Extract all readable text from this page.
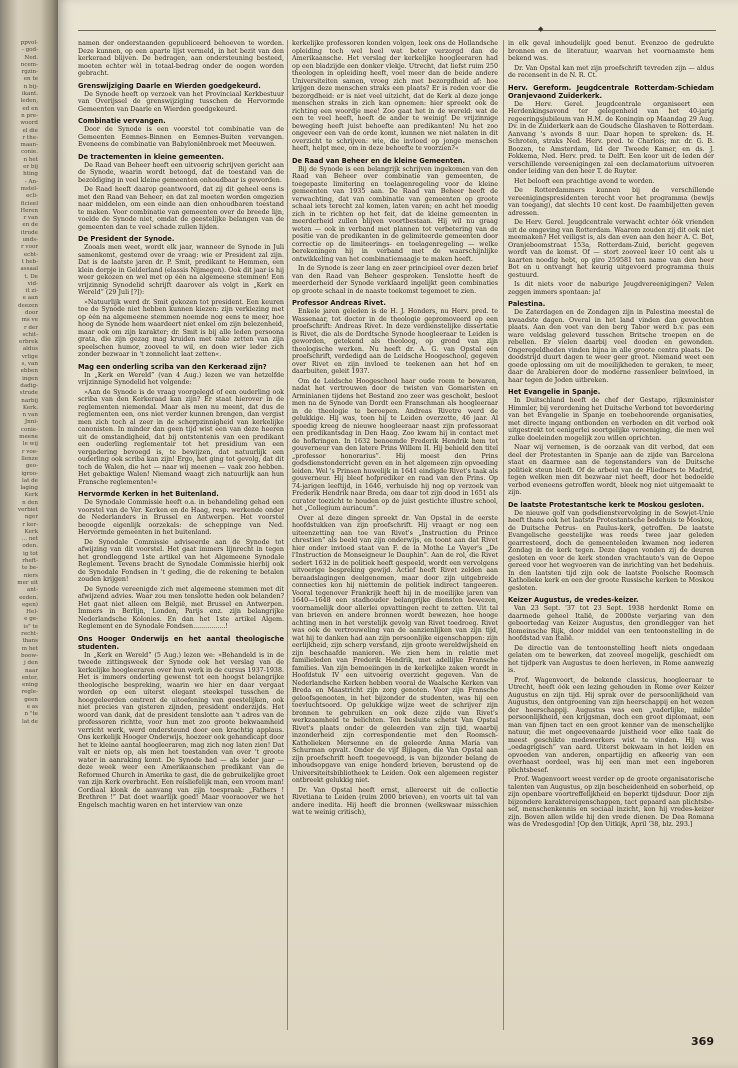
ppvol-
- god-
Ned.
ncem-
rgzin-
en te
n bij-
ikant.
leden,
ed en
n pre-
woord
el die
r the-
maan-
conie.
n het
er bij
hting
- An-
mstel-
ecli-
ficieel
Heren
r van
en de
itrude
unds-
r voor
echt-
t heb-
assaal
t. De
vid-
it zi-
e aan
deezen
door
ms ve
r der
schit-
erbrek
aldus
vrlige
s, van
ebben
ingen
dadig-
strude
narbij
Kerk.
n van
Jnni-
conie-
meene
le wij
r voe-
llenze
geo-
igroo-
lat de
laging
Kerk
n den
verbiet
nger
r ker-
Kerk
... net
oden.
ig tot
rheft-
te be-
niers
mer uit
ant-
eeden.
egen)
Hel-
e ge-
is" te
recht-
thans
m het
boow-
j den
naar
enter,
ening
regle-
geen
e as
n "te
lat de
◆

namen der onderstaanden gepubliceerd behoeven te worden. Deze kunnen, op een aparte lijst vermeld, in het bezit van den kerkeraad blijven. De bedragen, aan ondersteuning besteed, moeten echter wèl in totaal-bedrag onder de oogen worden gebracht.

Grenswijziging Daarle en Wierden goedgekeurd.

De Synode heeft op verzoek van het Provinciaal Kerkbestuur van Overijssel de grenswijziging tusschen de Hervormde Gemeenten van Daarle en Wierden goedgekeurd.

Combinatie vervangen.

Door de Synode is een voorstel tot combinatie van de Gemeenten Eemnes-Binnen en Eemnes-Buiten vervangen. Eveneens de combinatie van Babyloniënbroek met Meeuwen.

De tractementen in kleine gemeenten.

De Raad van Beheer heeft een uitvoerig schrijven gericht aan de Synode, waarin wordt betoogd, dat de toestand van de bezoldiging in veel kleine gemeenten onhoudbaar is geworden.

De Raad heeft daarop geantwoord, dat zij dit geheel eens is met den Raad van Beheer, en dat zal moeten worden omgezien naar middelen, om een einde aan dien onhoudbaren toestand te maken. Voor combinatie van gemeenten over de breede lijn, voelde de Synode niet, omdat de geestelijke belangen van de gemeenten dan te veel schade zullen lijden.

De President der Synode.

Zooals men weet, wordt elk jaar, wanneer de Synode in Juli samenkomt, gestemd over de vraag: wie er President zal zijn. Dat is de laatste jaren dr. P. Smit, predikant te Hemmen, een klein dorpje in Gelderland (elassis Nijmegen). Ook dit jaar is hij weer gekozen en wel met op één na algemeene stemmen! Een vrijzinnig Synodelid schrijft daarover als volgt in „Kerk en Wereld” (29 Juli [?]):

»Natuurlijk werd dr. Smit gekozen tot president. Een keuren toe de Synode niet hebben kunnen kiezen: zijn verkiezing met op één na algemeene stemmen noemde nog eens te meer, hoe hoog de Synode hem waardeert niet enkel om zijn belezenheid, maar ook om zijn karakter; dr. Smit is bij alle leden persoona grata, die zijn gezag mag kruiden met rake zetten van zijn speelschen humor, zooveel te wil, en doen wier leder zich zonder bezwaar in 't zonnelicht laat zetten«.

Mag een onderling scriba van den Kerkeraad zijn?

In „Kerk en Wereld” (van 4 Aug.) lezen we van hetzelfde vrijzinnige Synodelid het volgende:

»Aan de Synode is de vraag voorgelegd of een ouderling ook scriba van den Kerkeraad kan zijn? Er staat hierover in de reglementen niemendal. Maar als men nu meent, dat dus de reglementen een, ons niet verder kunnen brengen, dan vergist men zich toch al zeer in de scherpzinnigheid van kerkelijke canonisten. In minder dan geen tijd wist een van deze heeren uit de omstandigheid, dat bij ontstentenis van een predikant een ouderling reglementair tot het presidium van een vergadering bevoegd is, te bewijzen, dat natuurlijk een ouderling ook scriba kan zijn! Ergo, het ging tot gevolg, dat dit toch de Walen, die het — naar wij meenen — vaak zoo hebben. Het gebaktige Walen! Niemand waagt zich natuurlijk aan hun Fransche reglementen!«

Hervormde Kerken in het Buitenland.

De Synodale Commissie heeft o.a. in behandeling gehad een voorstel van de Ver. Kerken en de Haag, resp. werkende onder de Nederlanders in Brussel en Antwerpen. Het voorstel beoogde eigenlijk oorzekals: de scheppinge van Ned. Hervormde gemeenten in het buitenland.

De Synodale Commissie adviseerde aan de Synode tot afwijzing van dit voorstel. Het gaat immers lijnrecht in tegen het grondleggend 1ste artikel van het Algemeene Synodale Reglement. Tevens bracht de Synodale Commissie hierbij ook de Synodale Fondsen in 't geding, die de rekening te betalen zouden krijgen!

De Synode vereenigde zich met algemeene stemmen met dit afwijzend advies. Waar zou men tenslotte heden ook belanden? Het gaat niet alleen om België, met Brussel en Antwerpen. Immers in Berlijn, Londen, Parijs enz. zijn belangrijke Nederlandsche Kolonies. En dan het 1ste artikel Algem. Reglement en de Synodale Fondsen................!

Ons Hooger Onderwijs en het aantal theologische studenten.

In „Kerk en Wereld” (5 Aug.) lezen we: »Behandeld is in de tweede zittingsweek der Synode ook het verslag van de kerkelijke hoogleeraren over hun werk in de cursus 1937-1938. Het is immers onderling gewenst tot een hoogst belangrijke theologische bespreking, waarin we hier en daar vergaat worden op een uiterst elegant steekspel tusschen de hooggeleerden omtrent de uitoefening van geestelijken, ook niet precies van gisteren zijnden, president onderzijds. Het woord van dank, dat de president tenslotte aan 't adres van de professoren richtte, voor hun met zoo groote bekwaamheid verricht werk, werd ondersteund door een krachtig applaus. Ons kerkelijk Hooger Onderwijs, hoezeer ook gehandicapt door het te kleine aantal hoogleeraren, mag zich nog laten zien! Dat valt er niets op, als men het toestanden van over 't groote water in aanraking komt. De Synode had — als ieder jaar — deze week weer een Amerikaanschen predikant van de Reformed Church in Amerika te gast, die de gebruikelijke groet van zijn Kerk overbracht. Een reisliefelijk man, een vroom man! Cordiaal klonk de aanvang van zijn toespraak: „Fathers ! Brethren !” Dat doet waarlijk goed! Maar vooraoover we het Engelsch machtig waren en het interview van onze

kerkelijke professoren konden volgen, leek ons de Hollandsche opleiding toch wel heel wat beter verzorgd dan de Amerikaansche. Het verslag der kerkelijke hoogleeraren had op een bladzijde een donker vlekje. Utrecht, dat liefst ruim 250 theologen in opleiding heeft, voel meer dan de beide andere Universiteiten samen, vroeg zich met bezorgdheid af: hoe krijgen deze menschen straks een plaats? Er is reden voor die bezorgdheid: er is niet veel uitzicht, dat de Kerk al deze jonge menschen straks in zich kan opnemen: hier spreekt ook de richting een woordje mee! Zoo gaat het in de wereld: wat de een te veel heeft, heeft de ander te weinig! De vrijzinnige beweging heeft juist behoefte aan predikanten! Nu het zoo ongeveer een van de orde komt, kunnen we niet nalaten in dit overzicht te schrijven: wie, die invloed op jonge menschen heeft, helpt mee, om in deze behoefte te voorzien?«

De Raad van Beheer en de kleine Gemeenten.

Bij de Synode is een belangrijk schrijven ingekomen van den Raad van Beheer over combinatie van gemeenten, de toegepaste limitering en toelagenregeling voor de kleine gemeenten van 1935 aan. De Raad van Beheer heeft de verwachting, dat van combinatie van gemeenten op groote schaal iets terecht zal komen, laten varen; en acht het moedig zich in te richten op het feit, dat de kleine gemeenten in meerderheid zullen blijven voortbestaan. Hij wil nu graag weten — ook in verband met plannen tot verbetering van de positie van de predikanten in de gelimiteerde gemeenten door correctie op de limiteerings- en toelagenregeling — welke berekeningen hij in verband met de waarschijnlijke ontwikkeling van het combinatiemaagje te maken heeft.

In de Synode is zeer lang en zeer principieel over dezen brief van den Raad van Beheer gesproken. Tenslotte heeft de meerderheid der Synode verklaard ingelijkt geen combinaties op groote schaal in de naaste toekomst tegemoet te zien.

Professor Andreas Rivet.

Enkele jaren geleden is de H. J. Honders, nu Herv. pred. te Wassenaar, tot doctor in de theologie gepromoveerd op een proefschrift: Andreas Rivet. In deze verdienstelijke dissertatie is Rivet, die als de Dordtsche Synode hoogleeraar te Leiden is geworden, getekend als theoloog, op grond van zijn theologische werken. Nu heeft dr. A. G. van Opstal een proefschrift, verdedigd aan de Leidsche Hoogeschool, gegeven over Rivet en zijn invloed te teekenen aan het hof en daarbuiten, geleit 1937.

Om de Leidsche Hoogeschool haar oude roem te bewaren, nadat het vertrouwen door de twisten van Gomaristen en Arminianen tijdens het Bestand zoo zeer was geschokt, besloot men na de Synode van Dordt een Franschman als hoogleeraar in de theologie te beroepen. Andreas Rivetre werd de gelukkige. Hij was, toen hij te Leiden overzette, 46 jaar. Al spoedig kreeg de nieuwe hoogleeraar naast zijn professoraat een predikantsdag in Den Haag. Zoo kwam hij in contact met de hofkringen. In 1632 benoemde Frederik Hendrik hem tot gouverneur van den latere Prins Willem II. Hij behield den titel „professor honorarius”. Hij moest den Prins godsdienstonderricht geven en in het algemeen zijn opvoeding leiden. Wel 's Prinsen huwelijk in 1641 eindigde Rivet's taak als gouverneur. Hij bleef hofprediker en raad van den Prins. Op 74-jarigen leeftijd, in 1646, verhuisde hij nog op verzoek van Frederik Hendrik naar Breda, om daar tot zijn dood in 1651 als curator toezicht te houden op de juist gestichte illustre school, het „Collegium auriacum”.

Over al deze dingen spreekt dr. Van Opstal in de eerste hoofdstukken van zijn proefschrift. Hij vraagt er nog een uiteenzetting aan toe van Rivet's „Instruction du Prince chrestien” als beeld van zijn onderwijs, en toont aan dat Rivet hier onder invloed staat van F. de la Mothe Le Vayer's „De l'Instruction de Monseigneur le Dauphin”. Aan de rol, die Rivet sedert 1632 in de politiek heeft gespeeld, wordt een vervolgens uitvoerige bespreking gewijd. Actief heeft Rivet zelden aan beraadslagingen deelgenomen, maar door zijn uitgebreide connecties kon hij niettemin de politiek indirect tangeeren. Vooral tegenover Frankrijk heeft hij in de moeilijke jaren van 1640—1648 een stadhouder belangrijke diensten bewezen, voornamelijk door allerlei opvattingen recht te zetten. Uit tal van brieven en andere bronnen wordt bewezen, hoe hooge achting men in het verstelijk gevolg van Rivet toedroeg. Rivet was ook de vertrouweling van de aanzienlijken van zijn tijd, wat hij te danken had aan zijn persoonlijke eigenschappen: zijn eerlijkheid, zijn scherp verstand, zijn groote wereldwijsheid en zijn beschaafde manieren. We zien hem in relatie met familieleden van Frederik Hendrik, met adellijke Fransche families. Van zijn bemoeiingen in de kerkelijke zaken wordt in Hoofdstuk IV een uitvoerig overzicht gegeven. Van de Nederlandsche Kerken hebben vooral de Waalsche Kerken van Breda en Maastricht zijn zorg genoten. Voor zijn Fransche geloofsgenooten, in het bijzonder de studenten, was hij een toevluchtsoord. Op gelukkige wijze weet de schrijver zijn bronnen te gebruiken en ook deze zijde van Rivet's werkzaamheid te belichten. Ten besluite schetst Van Opstal Rivet's plaats onder de geleerden van zijn tijd, waarbij inzonderheid zijn correspondentie met den Roomsch-Katholieken Mersenne en de geleerde Anna Maria van Schurman opvalt. Onder de vijf Bijlagen, die Van Opstal aan zijn proefschrift heeft toegevoegd, is van bijzonder belang de inhoudsopgave van enige honderd brieven, berustend op de Universiteitsbibliotheek te Leiden. Ook een algemeen register ontbreekt gelukkig niet.

Dr. Van Opstal heeft ernst, allereerst uit de collectie Rivetiana te Leiden (ruim 2000 brieven), en voorts uit tal van andere inedita. Hij heeft die bronnen (welkswaar misschien wat te weinig critisch),

in elk geval inhoudelijk goed benut. Evenzoo de gedrukte bronnen en de literatuur, waarvan het voornaamste hem bekend was.

Dr. Van Opstal kan met zijn proefschrift tevreden zijn — aldus de recensent in de N. R. Ct.

Herv. Gereform. Jeugdcentrale Rotterdam-Schiedam Oranjevaond Zuiderkerk.

De Herv. Gerel. Jeugdcentrale organiseert een Herdenkingsavond ter gelegenheid van het 40-jarig regeeringsjubileum van H.M. de Koningin op Maandag 29 Aug. Dv. in de Zuiderkerk aan de Goudsche Glashaven te Rotterdam. Aanvang 's avonds 8 uur. Daar hopen te spreken: ds. H. Schroten, straks Ned. Herv. pred. te Charlois; mr. dr. G. B. Boozen, te Amsterdam, lid der Tweede Kamer, en ds. J. Fokkema, Ned. Herv. pred. te Delft. Een koor uit de leden der verschillende vereenigingen zal een declamatorium uitvoeren onder leiding van den heer T. de Ruyter.

Het belooft een prachtige avond te worden.

De Rotterdammers kunnen bij de verschillende vereenigingspresidenten terecht voor het programma (bewijs van toegang), dat slechts 10 cent kost. De raambiljetten geven adressen.

De Herv. Gerel. Jeugdcentrale verwacht echter óók vrienden uit de omgeving van Rotterdam. Waarom zouden zij dit ook niet meemaken? Het veiligst is, als dan even aan den heer A. C. Bot, Oranjeboomstraat 153a, Rotterdam-Zuid, bericht gegeven wordt van de komst. Of — stort zooveel keer 10 cent als u kaarten noodig hebt, op giro 259581 ten name van den heer Bot en u ontvangt het keurig uitgevoerd programma thuis gestuurd.

Is dit niets voor de naburige Jeugdvereenigingen? Velen zeggen immers spontaan: ja!

Palestina.

De Zaterdagen en de Zondagen zijn in Palestina meestal de kwaadste dagen. Overal in het land vinden dan gevechten plaats. Aan den voet van den berg Tabor werd b.v. pas een ware veldslag geleverd tusschen Britsche troepen en de rebellen. Er vielen daarbij veel dooden en gewonden. Ongeregeldheden vinden bijna in alle groote centra plaats. De doodstrijd duurt dagen te weer geer groot. Niemand weet een goede oplossing om uit de moeilijkheden te geraken, te meer, daar de Arabieren door de moderne rassenleer beïnvloed, in haar tegen de Joden uitbreken.

Het Evangelie in Spanje.

In Duitschland heeft de chef der Gestapo, rijksminister Himmler, bij verordening het Duitsche Verbond tot bevordering van het Evangelie in Spanje en toebehoorende organisaties, met directe ingang ontbonden en verboden en dit verbod ook uitgestrekt tot eenigerlei soortgelijke vereeniging, die men wel zulke doeleinden mogelijk zou willen oprichten.

Naar wij vernemen, is de oorzaak van dit verbod, dat een deel der Protestanten in Spanje aan de zijde van Barcelona staat en daarmee aan de tegenstanders van de Duitsche politiek steun biedt. Of de arbeid van de Fliedners te Madrid, tegen welken men dit bezwaar niet heeft, door het bedoelde verbod eveneens getroffen wordt, bleek nog niet uitgemaakt te zijn.

De laatste Protestantsche kerk te Moskou gesloten.

De nieuwe golf van godsdienstvervolging in de Sowjet-Unie heeft thans ook het laatste Protestantsche bedehuis te Moskou, de Duitsche Petrus- en Paulus-kerk, getroffen. De laatste Evangelische geestelijke was reeds twee jaar geleden gearresteerd, doch de gemeenteleden kwamen nog iederen Zondag in de kerk tegen. Deze dagen vonden zij de deuren gesloten en voor de kerk stonden vrachtauto's van de Oepoe gereed voor het wegvoeren van de inrichting van het bedehuis. In den laatsten tijd zijn ook de laatste Poolsche Roomsch Katholieke kerk en een der groote Russische kerken te Moskou gesloten.

Keizer Augustus, de vredes-keizer.

Van 23 Sept. '37 tot 23 Sept. 1938 herdenkt Rome en daarmede geheel Italië, de 2000ste verjaring van den geboortedag van Keizer Augustus, den grondlegger van het Romeinsche Rijk, door middel van een tentoonstelling in de hoofdstad van Italië.

De directie van de tentoonstelling heeft niets ongedaan gelaten om te bewerken, dat zooveel mogelijk, geschiedt om het tijdperk van Augustus te doen herleven, in Rome aanwezig is.

Prof. Wagenvoort, de bekende classicus, hoogleeraar te Utrecht, heeft óók een lezing gehouden in Rome over Keizer Augustus en zijn tijd. Hij sprak over de persoonlijkheid van Augustus, den ontgroening van zijn heerschappij en het wezen der heerschappij. Augustus was een „vaderlijke, milde” persoonlijkheid, een krijgsman, doch een groot diplomaat, een man van fijnen tact en een groot kenner van de menschelijke natuur, die met ongeevenaarde juistheid voor elke taak de meest geschikte medewerkers wist te vinden. Hij was „oedagrigisch” van aard. Uiterst bekwaam in het leiden en opvoeden van anderen, onpartijdig en afkeerig van een overhaast oordeel, was hij een man met een ingeboren plichtsbesef.

Prof. Wagenvoort weest verder op de groote organisatorische talenten van Augustus, op zijn bescheidenheid en soberheid, op zijn openbare voortreffelijkheid en beperkt tijdsduur. Door zijn bijzondere karaktereigenschappen, tact gepaard aan plichtsbesef, menschenkennis en sociaal inzicht, kon hij vredes-keizer zijn. Boven allen wilde hij den vrede dienen. De Dea Romana was de Vredesgodin! [Op den Uitkijk, April '38, blz. 293.]

369
